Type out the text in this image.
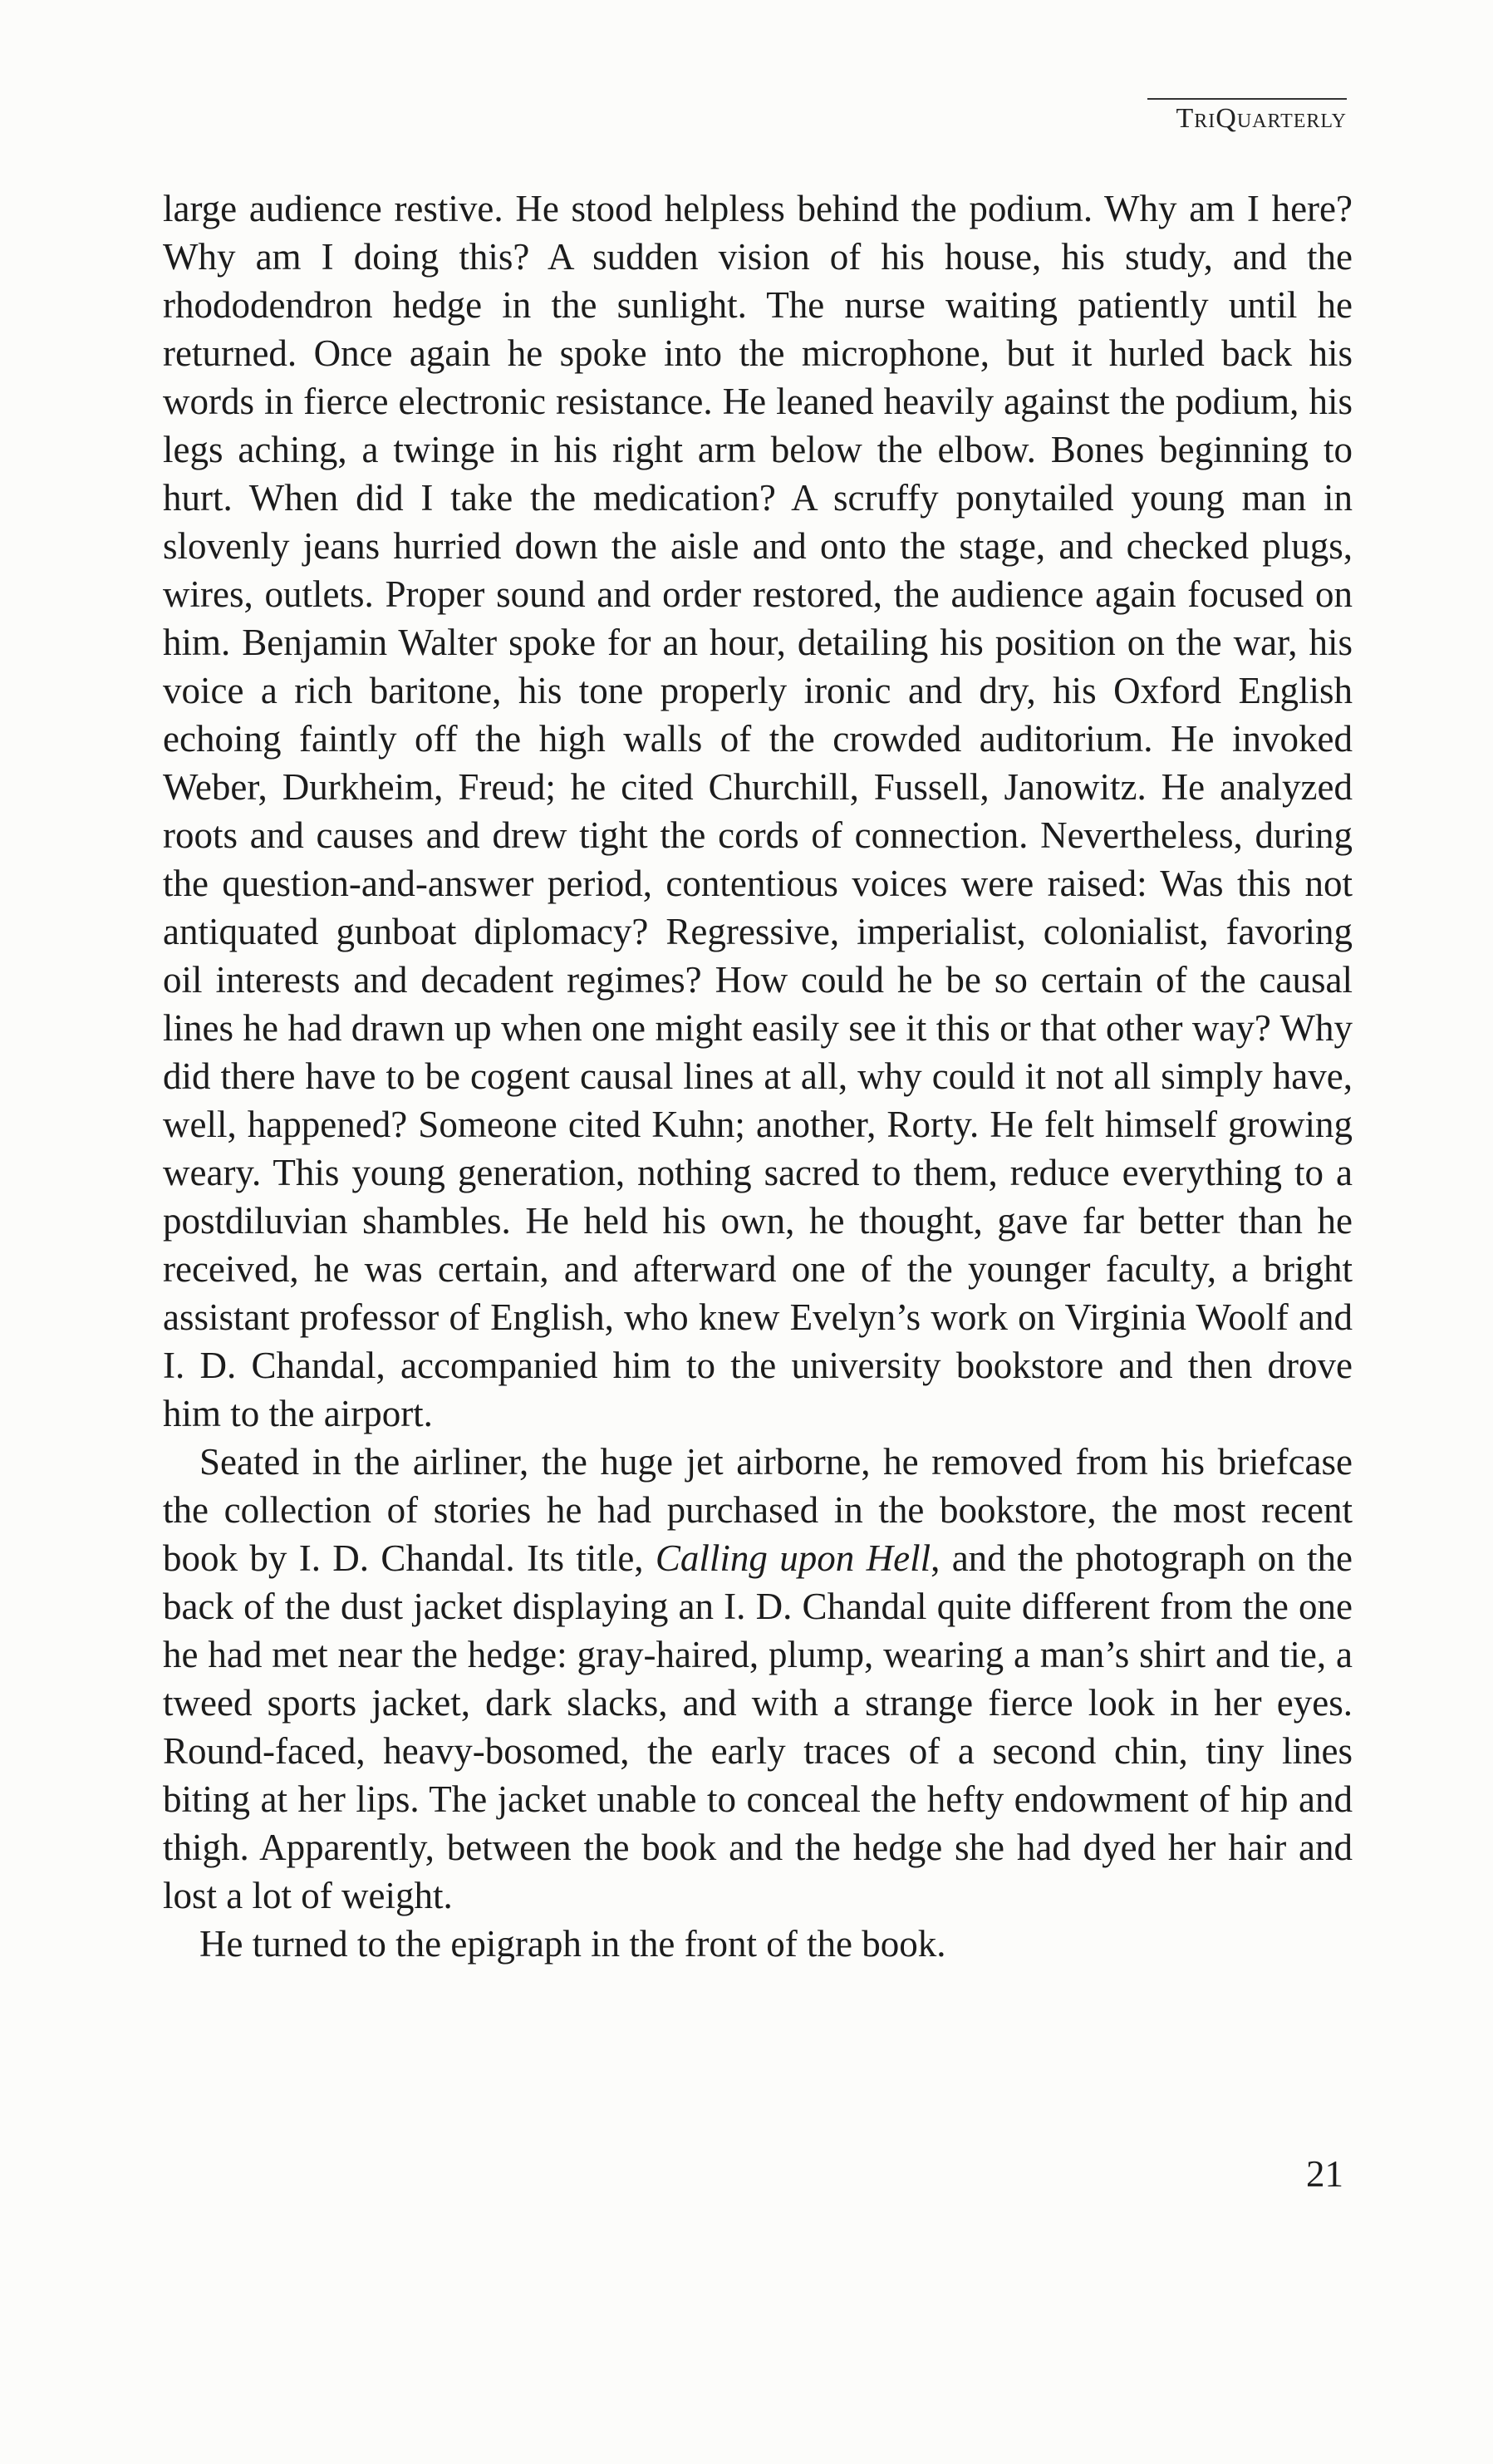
TriQuarterly

large audience restive. He stood helpless behind the podium. Why am I here? Why am I doing this? A sudden vision of his house, his study, and the rhododendron hedge in the sunlight. The nurse waiting patiently until he returned. Once again he spoke into the microphone, but it hurled back his words in fierce electronic resistance. He leaned heavily against the podium, his legs aching, a twinge in his right arm below the elbow. Bones beginning to hurt. When did I take the medication? A scruffy ponytailed young man in slovenly jeans hurried down the aisle and onto the stage, and checked plugs, wires, outlets. Proper sound and order restored, the audience again focused on him. Benjamin Walter spoke for an hour, detailing his position on the war, his voice a rich baritone, his tone properly ironic and dry, his Oxford English echoing faintly off the high walls of the crowded auditorium. He invoked Weber, Durkheim, Freud; he cited Churchill, Fussell, Janowitz. He analyzed roots and causes and drew tight the cords of connection. Nevertheless, during the question-and-answer period, contentious voices were raised: Was this not antiquated gunboat diplomacy? Regressive, imperialist, colonialist, favoring oil interests and decadent regimes? How could he be so certain of the causal lines he had drawn up when one might easily see it this or that other way? Why did there have to be cogent causal lines at all, why could it not all simply have, well, happened? Someone cited Kuhn; another, Rorty. He felt himself growing weary. This young generation, nothing sacred to them, reduce everything to a postdiluvian shambles. He held his own, he thought, gave far better than he received, he was certain, and afterward one of the younger faculty, a bright assistant professor of English, who knew Evelyn’s work on Virginia Woolf and I. D. Chandal, accompanied him to the university bookstore and then drove him to the airport.

Seated in the airliner, the huge jet airborne, he removed from his briefcase the collection of stories he had purchased in the bookstore, the most recent book by I. D. Chandal. Its title, Calling upon Hell, and the photograph on the back of the dust jacket displaying an I. D. Chandal quite different from the one he had met near the hedge: gray-haired, plump, wearing a man’s shirt and tie, a tweed sports jacket, dark slacks, and with a strange fierce look in her eyes. Round-faced, heavy-bosomed, the early traces of a second chin, tiny lines biting at her lips. The jacket unable to conceal the hefty endowment of hip and thigh. Apparently, between the book and the hedge she had dyed her hair and lost a lot of weight.

He turned to the epigraph in the front of the book.

21
